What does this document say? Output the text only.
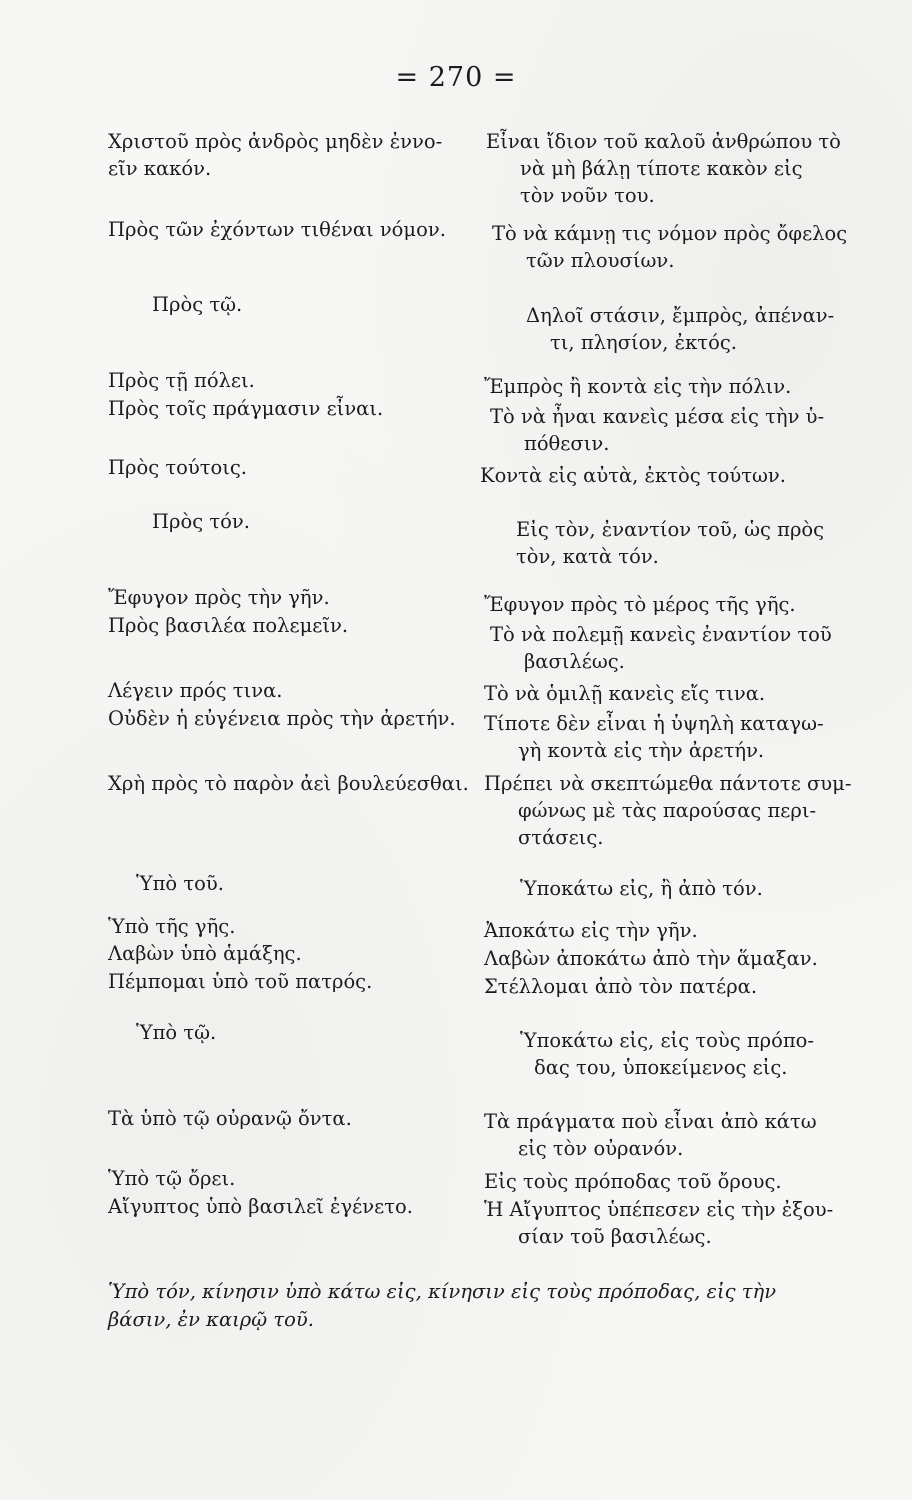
= 270 =
Χριστοῦ πρὸς ἀνδρὸς μηδὲν ἐννο-
εῖν κακόν.
Πρὸς τῶν ἐχόντων τιθέναι νόμον.
Πρὸς τῷ.
Πρὸς τῇ πόλει.
Πρὸς τοῖς πράγμασιν εἶναι.
Πρὸς τούτοις.
Πρὸς τόν.
Ἔφυγον πρὸς τὴν γῆν.
Πρὸς βασιλέα πολεμεῖν.
Λέγειν πρός τινα.
Οὐδὲν ἡ εὐγένεια πρὸς τὴν ἀρετήν.
Χρὴ πρὸς τὸ παρὸν ἀεὶ βουλεύεσθαι.
Ὑπὸ τοῦ.
Ὑπὸ τῆς γῆς.
Λαβὼν ὑπὸ ἁμάξης.
Πέμπομαι ὑπὸ τοῦ πατρός.
Ὑπὸ τῷ.
Τὰ ὑπὸ τῷ οὐρανῷ ὄντα.
Ὑπὸ τῷ ὄρει.
Αἴγυπτος ὑπὸ βασιλεῖ ἐγένετο.
Εἶναι ἴδιον τοῦ καλοῦ ἀνθρώπου τὸ
νὰ μὴ βάλῃ τίποτε κακὸν εἰς
τὸν νοῦν του.
Τὸ νὰ κάμνῃ τις νόμον πρὸς ὄφελος
τῶν πλουσίων.
Δηλοῖ στάσιν, ἔμπρὸς, ἀπέναν-
τι, πλησίον, ἐκτός.
Ἔμπρὸς ἢ κοντὰ εἰς τὴν πόλιν.
Τὸ νὰ ἦναι κανεὶς μέσα εἰς τὴν ὑ-
πόθεσιν.
Κοντὰ εἰς αὐτὰ, ἐκτὸς τούτων.
Εἰς τὸν, ἐναντίον τοῦ, ὡς πρὸς
τὸν, κατὰ τόν.
Ἔφυγον πρὸς τὸ μέρος τῆς γῆς.
Τὸ νὰ πολεμῇ κανεὶς ἐναντίον τοῦ
βασιλέως.
Τὸ νὰ ὁμιλῇ κανεὶς εἴς τινα.
Τίποτε δὲν εἶναι ἡ ὑψηλὴ καταγω-
γὴ κοντὰ εἰς τὴν ἀρετήν.
Πρέπει νὰ σκεπτώμεθα πάντοτε συμ-
φώνως μὲ τὰς παρούσας περι-
στάσεις.
Ὑποκάτω εἰς, ἢ ἀπὸ τόν.
Ἀποκάτω εἰς τὴν γῆν.
Λαβὼν ἀποκάτω ἀπὸ τὴν ἅμαξαν.
Στέλλομαι ἀπὸ τὸν πατέρα.
Ὑποκάτω εἰς, εἰς τοὺς πρόπο-
δας του, ὑποκείμενος εἰς.
Τὰ πράγματα ποὺ εἶναι ἀπὸ κάτω
εἰς τὸν οὐρανόν.
Εἰς τοὺς πρόποδας τοῦ ὄρους.
Ἡ Αἴγυπτος ὑπέπεσεν εἰς τὴν ἐξου-
σίαν τοῦ βασιλέως.
Ὑπὸ τόν, κίνησιν ὑπὸ κάτω εἰς, κίνησιν εἰς τοὺς πρόποδας, εἰς τὴν
βάσιν, ἐν καιρῷ τοῦ.
